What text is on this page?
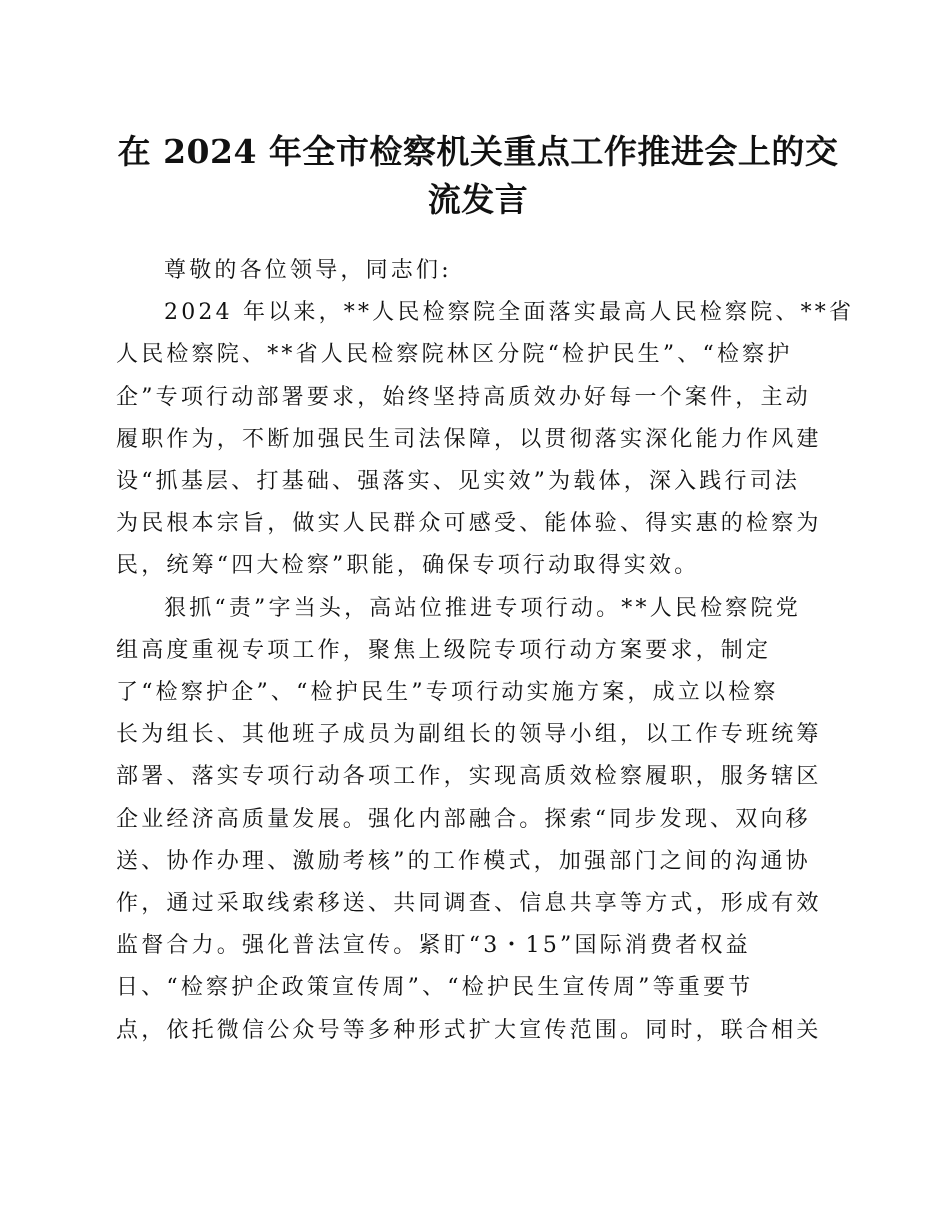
在 2024 年全市检察机关重点工作推进会上的交
流发言

尊敬的各位领导，同志们:

2024 年以来，**人民检察院全面落实最高人民检察院、**省
人民检察院、**省人民检察院林区分院“检护民生”、“检察护
企”专项行动部署要求，始终坚持高质效办好每一个案件，主动
履职作为，不断加强民生司法保障，以贯彻落实深化能力作风建
设“抓基层、打基础、强落实、见实效”为载体，深入践行司法
为民根本宗旨，做实人民群众可感受、能体验、得实惠的检察为
民，统筹“四大检察”职能，确保专项行动取得实效。

狠抓“责”字当头，高站位推进专项行动。**人民检察院党
组高度重视专项工作，聚焦上级院专项行动方案要求，制定
了“检察护企”、“检护民生”专项行动实施方案，成立以检察
长为组长、其他班子成员为副组长的领导小组，以工作专班统筹
部署、落实专项行动各项工作，实现高质效检察履职，服务辖区
企业经济高质量发展。强化内部融合。探索“同步发现、双向移
送、协作办理、激励考核”的工作模式，加强部门之间的沟通协
作，通过采取线索移送、共同调查、信息共享等方式，形成有效
监督合力。强化普法宣传。紧盯“3・15”国际消费者权益
日、“检察护企政策宣传周”、“检护民生宣传周”等重要节
点，依托微信公众号等多种形式扩大宣传范围。同时，联合相关
